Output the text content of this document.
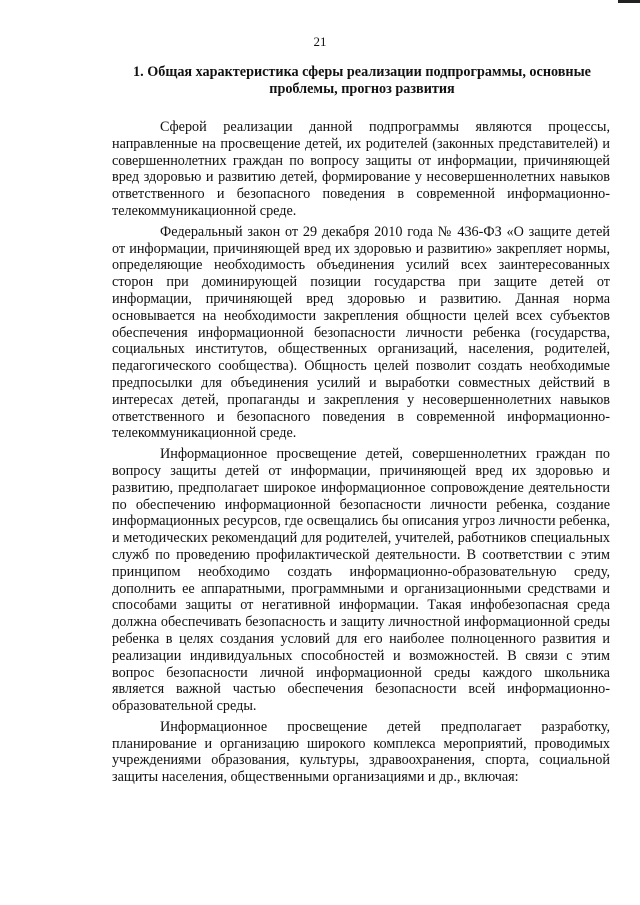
21
1. Общая характеристика сферы реализации подпрограммы, основные проблемы, прогноз развития

Сферой реализации данной подпрограммы являются процессы, направленные на просвещение детей, их родителей (законных представителей) и совершеннолетних граждан по вопросу защиты от информации, причиняющей вред здоровью и развитию детей, формирование у несовершеннолетних навыков ответственного и безопасного поведения в современной информационно-телекоммуникационной среде.

Федеральный закон от 29 декабря 2010 года № 436-ФЗ «О защите детей от информации, причиняющей вред их здоровью и развитию» закрепляет нормы, определяющие необходимость объединения усилий всех заинтересованных сторон при доминирующей позиции государства при защите детей от информации, причиняющей вред здоровью и развитию. Данная норма основывается на необходимости закрепления общности целей всех субъектов обеспечения информационной безопасности личности ребенка (государства, социальных институтов, общественных организаций, населения, родителей, педагогического сообщества). Общность целей позволит создать необходимые предпосылки для объединения усилий и выработки совместных действий в интересах детей, пропаганды и закрепления у несовершеннолетних навыков ответственного и безопасного поведения в современной информационно-телекоммуникационной среде.

Информационное просвещение детей, совершеннолетних граждан по вопросу защиты детей от информации, причиняющей вред их здоровью и развитию, предполагает широкое информационное сопровождение деятельности по обеспечению информационной безопасности личности ребенка, создание информационных ресурсов, где освещались бы описания угроз личности ребенка, и методических рекомендаций для родителей, учителей, работников специальных служб по проведению профилактической деятельности. В соответствии с этим принципом необходимо создать информационно-образовательную среду, дополнить ее аппаратными, программными и организационными средствами и способами защиты от негативной информации. Такая инфобезопасная среда должна обеспечивать безопасность и защиту личностной информационной среды ребенка в целях создания условий для его наиболее полноценного развития и реализации индивидуальных способностей и возможностей. В связи с этим вопрос безопасности личной информационной среды каждого школьника является важной частью обеспечения безопасности всей информационно-образовательной среды.

Информационное просвещение детей предполагает разработку, планирование и организацию широкого комплекса мероприятий, проводимых учреждениями образования, культуры, здравоохранения, спорта, социальной защиты населения, общественными организациями и др., включая:
